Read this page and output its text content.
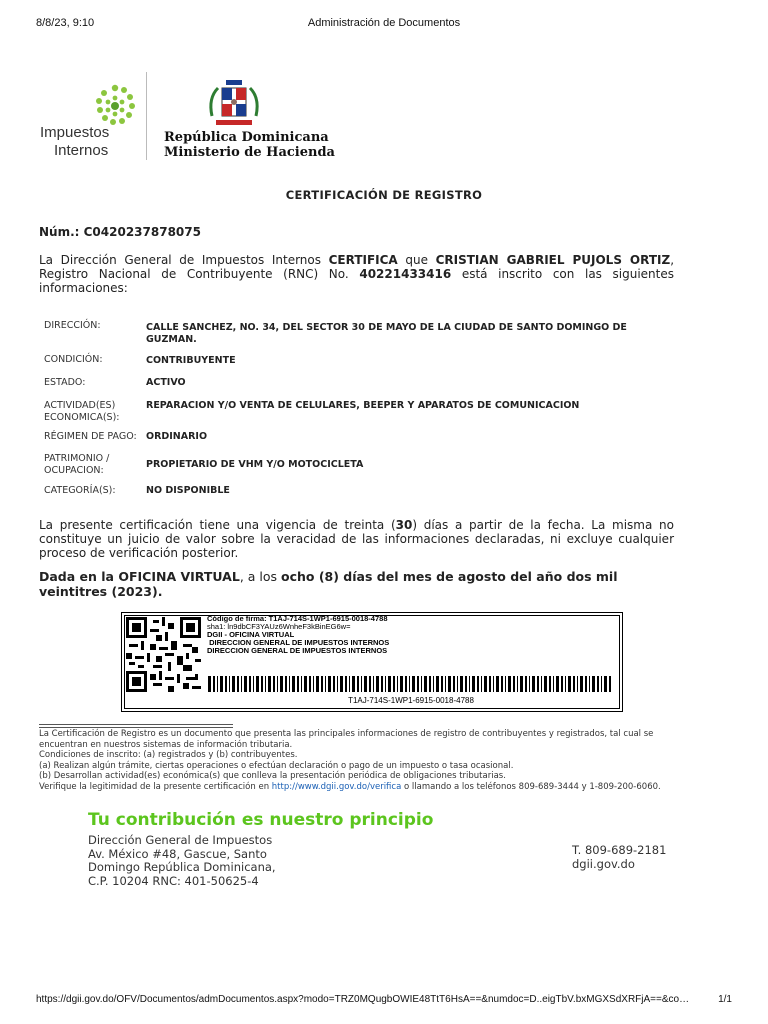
8/8/23, 9:10	Administración de Documentos
Impuestos
Internos
República Dominicana
Ministerio de Hacienda
CERTIFICACIÓN DE REGISTRO
Núm.: C0420237878075
La Dirección General de Impuestos Internos CERTIFICA que CRISTIAN GABRIEL PUJOLS ORTIZ, Registro Nacional de Contribuyente (RNC) No. 40221433416 está inscrito con las siguientes informaciones:
DIRECCIÓN:	CALLE SANCHEZ, NO. 34, DEL SECTOR 30 DE MAYO DE LA CIUDAD DE SANTO DOMINGO DE GUZMAN.
CONDICIÓN:	CONTRIBUYENTE
ESTADO:	ACTIVO
ACTIVIDAD(ES) ECONOMICA(S):
REPARACION Y/O VENTA DE CELULARES, BEEPER Y APARATOS DE COMUNICACION
RÉGIMEN DE PAGO: ORDINARIO
PATRIMONIO / OCUPACION:
PROPIETARIO DE VHM Y/O MOTOCICLETA
CATEGORÍA(S):	NO DISPONIBLE
La presente certificación tiene una vigencia de treinta (30) días a partir de la fecha. La misma no constituye un juicio de valor sobre la veracidad de las informaciones declaradas, ni excluye cualquier proceso de verificación posterior.
Dada en la OFICINA VIRTUAL, a los ocho (8) días del mes de agosto del año dos mil veintitres (2023).
Código de firma: T1AJ-714S-1WP1-6915-0018-4788
sha1: ln9dbCF3YAUz6WnheF3kBinEG6w=
DGII - OFICINA VIRTUAL
DIRECCION GENERAL DE IMPUESTOS INTERNOS
DIRECCION GENERAL DE IMPUESTOS INTERNOS
T1AJ-714S-1WP1-6915-0018-4788
La Certificación de Registro es un documento que presenta las principales informaciones de registro de contribuyentes y registrados, tal cual se encuentran en nuestros sistemas de información tributaria.
Condiciones de inscrito: (a) registrados y (b) contribuyentes.
(a) Realizan algún trámite, ciertas operaciones o efectúan declaración o pago de un impuesto o tasa ocasional.
(b) Desarrollan actividad(es) económica(s) que conlleva la presentación periódica de obligaciones tributarias.
Verifique la legitimidad de la presente certificación en http://www.dgii.gov.do/verifica o llamando a los teléfonos 809-689-3444 y 1-809-200-6060.
Tu contribución es nuestro principio
Dirección General de Impuestos
Av. México #48, Gascue, Santo
Domingo República Dominicana,
C.P. 10204 RNC: 401-50625-4
T. 809-689-2181
dgii.gov.do
https://dgii.gov.do/OFV/Documentos/admDocumentos.aspx?modo=TRZ0MQugbOWIE48TtT6HsA==&numdoc=D..eigTbV.bxMGXSdXRFjA==&co…	1/1
